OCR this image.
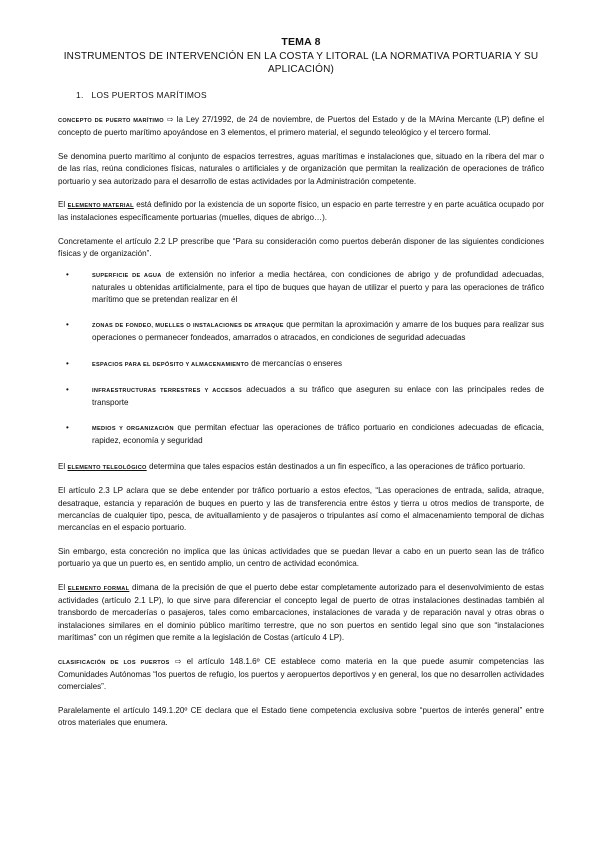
TEMA 8
INSTRUMENTOS DE INTERVENCIÓN EN LA COSTA Y LITORAL (LA NORMATIVA PORTUARIA Y SU APLICACIÓN)
1. LOS PUERTOS MARÍTIMOS

CONCEPTO DE PUERTO MARÍTIMO ⇨ la Ley 27/1992, de 24 de noviembre, de Puertos del Estado y de la MArina Mercante (LP) define el concepto de puerto marítimo apoyándose en 3 elementos, el primero material, el segundo teleológico y el tercero formal.

Se denomina puerto marítimo al conjunto de espacios terrestres, aguas marítimas e instalaciones que, situado en la ribera del mar o de las rías, reúna condiciones físicas, naturales o artificiales y de organización que permitan la realización de operaciones de tráfico portuario y sea autorizado para el desarrollo de estas actividades por la Administración competente.

El ELEMENTO MATERIAL está definido por la existencia de un soporte físico, un espacio en parte terrestre y en parte acuática ocupado por las instalaciones específicamente portuarias (muelles, diques de abrigo…).

Concretamente el artículo 2.2 LP prescribe que “Para su consideración como puertos deberán disponer de las siguientes condiciones físicas y de organización”.

•	SUPERFICIE DE AGUA de extensión no inferior a media hectárea, con condiciones de abrigo y de profundidad adecuadas, naturales u obtenidas artificialmente, para el tipo de buques que hayan de utilizar el puerto y para las operaciones de tráfico marítimo que se pretendan realizar en él
•	ZONAS DE FONDEO, MUELLES O INSTALACIONES DE ATRAQUE que permitan la aproximación y amarre de los buques para realizar sus operaciones o permanecer fondeados, amarrados o atracados, en condiciones de seguridad adecuadas
•	ESPACIOS PARA EL DEPÓSITO Y ALMACENAMIENTO de mercancías o enseres
•	INFRAESTRUCTURAS TERRESTRES Y ACCESOS adecuados a su tráfico que aseguren su enlace con las principales redes de transporte
•	MEDIOS Y ORGANIZACIÓN que permitan efectuar las operaciones de tráfico portuario en condiciones adecuadas de eficacia, rapidez, economía y seguridad

El ELEMENTO TELEOLÓGICO determina que tales espacios están destinados a un fin específico, a las operaciones de tráfico portuario.

El artículo 2.3 LP aclara que se debe entender por tráfico portuario a estos efectos, “Las operaciones de entrada, salida, atraque, desatraque, estancia y reparación de buques en puerto y las de transferencia entre éstos y tierra u otros medios de transporte, de mercancías de cualquier tipo, pesca, de avituallamiento y de pasajeros o tripulantes así como el almacenamiento temporal de dichas mercancías en el espacio portuario.

Sin embargo, esta concreción no implica que las únicas actividades que se puedan llevar a cabo en un puerto sean las de tráfico portuario ya que un puerto es, en sentido amplio, un centro de actividad económica.

El ELEMENTO FORMAL dimana de la precisión de que el puerto debe estar completamente autorizado para el desenvolvimiento de estas actividades (artículo 2.1 LP), lo que sirve para diferenciar el concepto legal de puerto de otras instalaciones destinadas también al transbordo de mercaderías o pasajeros, tales como embarcaciones, instalaciones de varada y de reparación naval y otras obras o instalaciones similares en el dominio público marítimo terrestre, que no son puertos en sentido legal sino que son “instalaciones marítimas” con un régimen que remite a la legislación de Costas (artículo 4 LP).

CLASIFICACIÓN DE LOS PUERTOS ⇨ el artículo 148.1.6º CE establece como materia en la que puede asumir competencias las Comunidades Autónomas “los puertos de refugio, los puertos y aeropuertos deportivos y en general, los que no desarrollen actividades comerciales”.

Paralelamente el artículo 149.1.20º CE declara que el Estado tiene competencia exclusiva sobre “puertos de interés general” entre otros materiales que enumera.
